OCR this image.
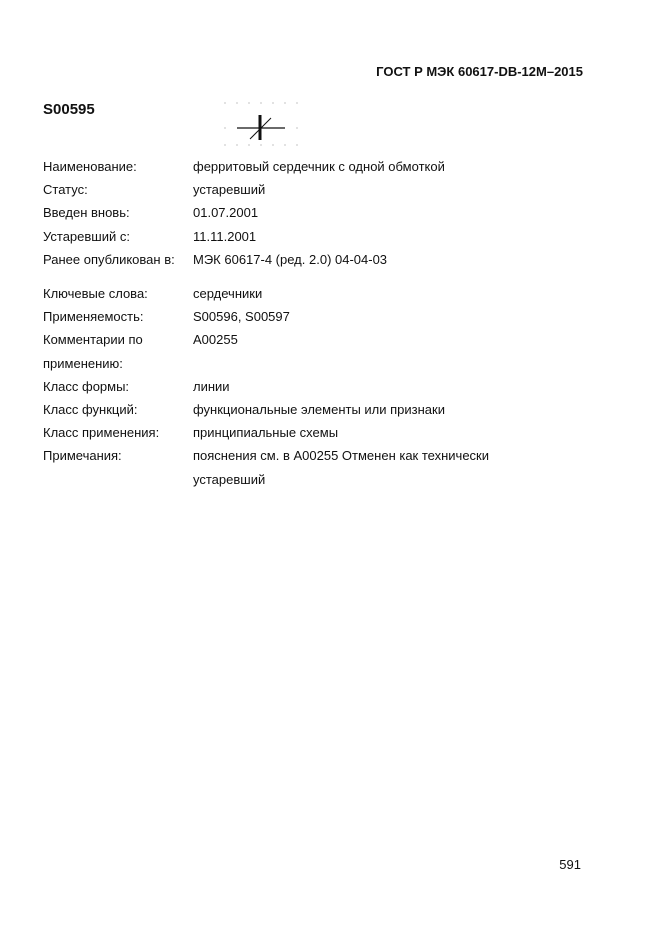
ГОСТ Р МЭК 60617-DB-12M–2015
S00595
Наименование:	ферритовый сердечник с одной обмоткой
Статус:	устаревший
Введен вновь:	01.07.2001
Устаревший с:	11.11.2001
Ранее опубликован в:	МЭК 60617-4 (ред. 2.0) 04-04-03
Ключевые слова:	сердечники
Применяемость:	S00596, S00597
Комментарии по применению:
A00255
Класс формы:	линии
Класс функций:	функциональные элементы или признаки
Класс применения:	принципиальные схемы
Примечания:	пояснения см. в A00255 Отменен как технически устаревший
591
